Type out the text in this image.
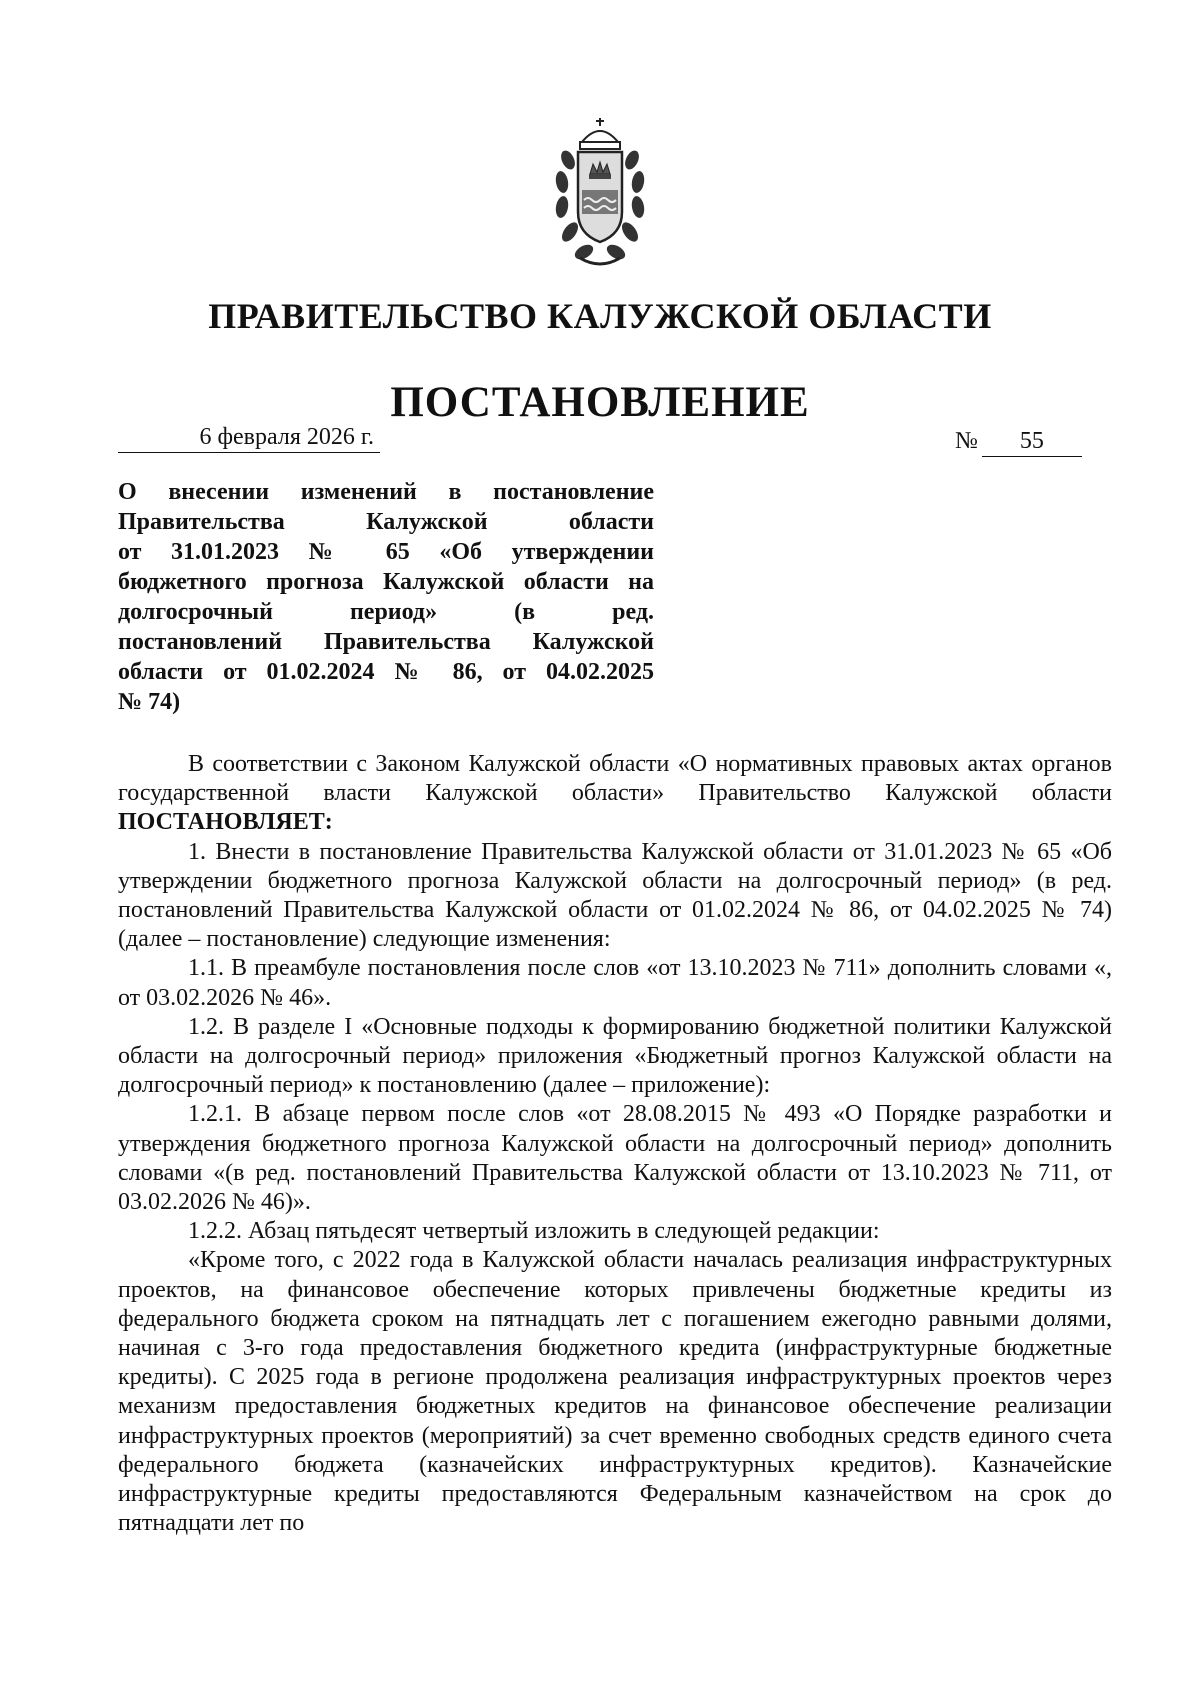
ПРАВИТЕЛЬСТВО КАЛУЖСКОЙ ОБЛАСТИ
ПОСТАНОВЛЕНИЕ
6 февраля 2026 г.	№ 55
О внесении изменений в постановление
Правительства Калужской области
от 31.01.2023 № 65 «Об утверждении
бюджетного прогноза Калужской области на
долгосрочный период» (в ред.
постановлений Правительства Калужской
области от 01.02.2024 № 86, от 04.02.2025
№ 74)

В соответствии с Законом Калужской области «О нормативных правовых актах органов государственной власти Калужской области» Правительство Калужской области ПОСТАНОВЛЯЕТ:

1. Внести в постановление Правительства Калужской области от 31.01.2023 № 65 «Об утверждении бюджетного прогноза Калужской области на долгосрочный период» (в ред. постановлений Правительства Калужской области от 01.02.2024 № 86, от 04.02.2025 № 74) (далее – постановление) следующие изменения:

1.1. В преамбуле постановления после слов «от 13.10.2023 № 711» дополнить словами «, от 03.02.2026 № 46».

1.2. В разделе I «Основные подходы к формированию бюджетной политики Калужской области на долгосрочный период» приложения «Бюджетный прогноз Калужской области на долгосрочный период» к постановлению (далее – приложение):

1.2.1. В абзаце первом после слов «от 28.08.2015 № 493 «О Порядке разработки и утверждения бюджетного прогноза Калужской области на долгосрочный период» дополнить словами «(в ред. постановлений Правительства Калужской области от 13.10.2023 № 711, от 03.02.2026 № 46)».

1.2.2. Абзац пятьдесят четвертый изложить в следующей редакции:

«Кроме того, с 2022 года в Калужской области началась реализация инфраструктурных проектов, на финансовое обеспечение которых привлечены бюджетные кредиты из федерального бюджета сроком на пятнадцать лет с погашением ежегодно равными долями, начиная с 3-го года предоставления бюджетного кредита (инфраструктурные бюджетные кредиты). С 2025 года в регионе продолжена реализация инфраструктурных проектов через механизм предоставления бюджетных кредитов на финансовое обеспечение реализации инфраструктурных проектов (мероприятий) за счет временно свободных средств единого счета федерального бюджета (казначейских инфраструктурных кредитов). Казначейские инфраструктурные кредиты предоставляются Федеральным казначейством на срок до пятнадцати лет по
